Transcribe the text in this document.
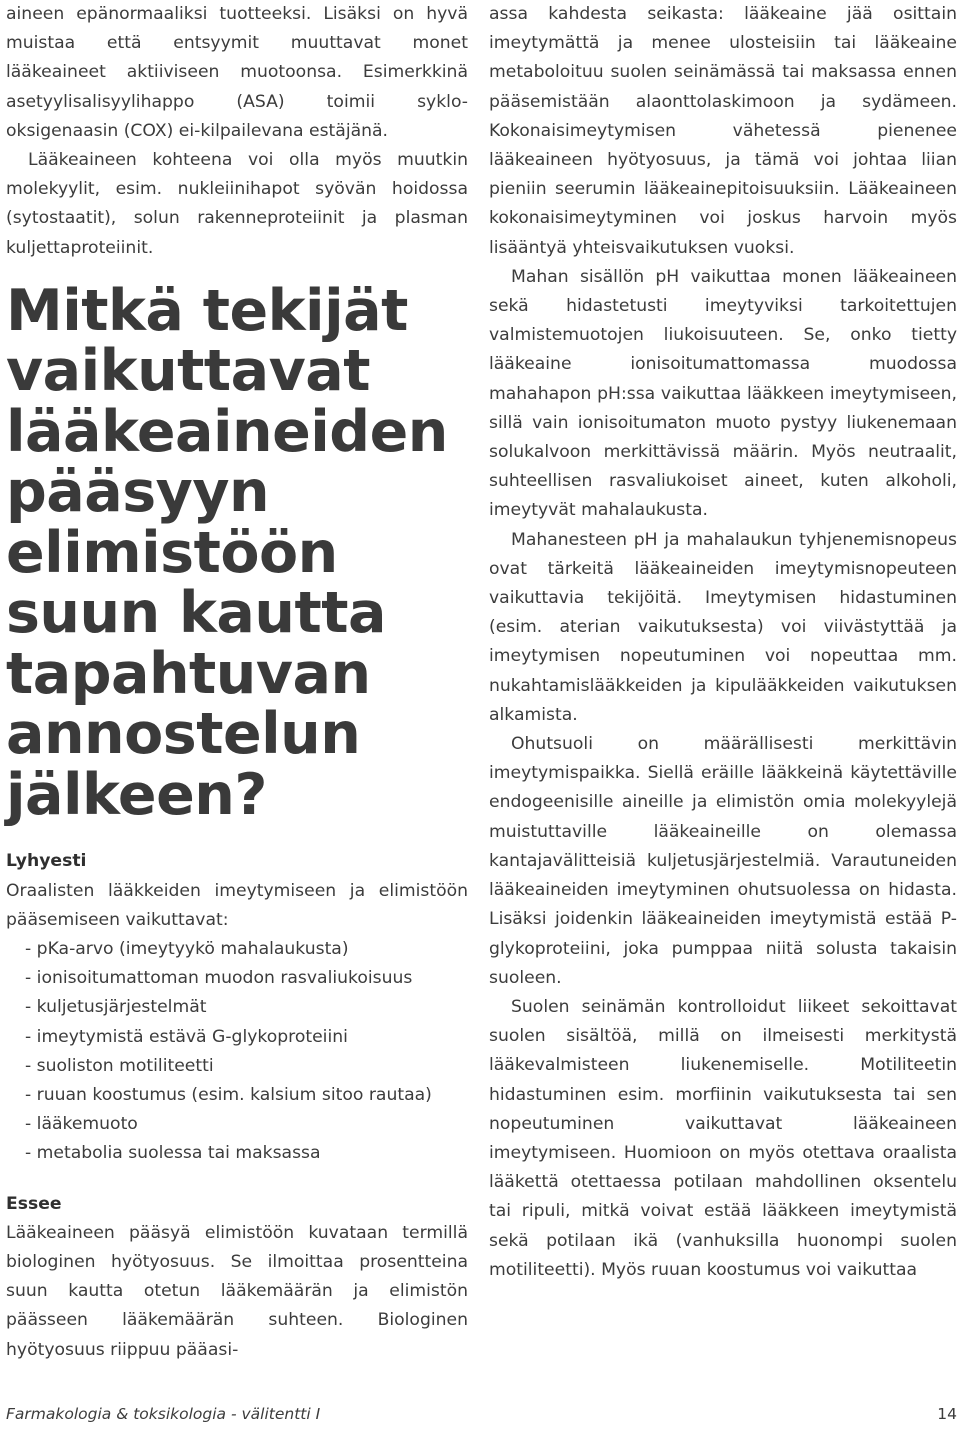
aineen epänormaaliksi tuotteeksi. Lisäksi on hyvä muistaa että entsyymit muuttavat monet lääkeaineet aktiiviseen muotoonsa. Esimerkkinä asetyylisalisyylihappo (ASA) toimii syklo-oksigenaasin (COX) ei-kilpailevana estäjänä.

Lääkeaineen kohteena voi olla myös muutkin molekyylit, esim. nukleiinihapot syövän hoidossa (sytostaatit), solun rakenneproteiinit ja plasman kuljettaproteiinit.

Mitkä tekijät vaikuttavat lääkeaineiden pääsyyn elimistöön suun kautta tapahtuvan annostelun jälkeen?
Lyhyesti

Oraalisten lääkkeiden imeytymiseen ja elimistöön pääsemiseen vaikuttavat:

- pKa-arvo (imeytyykö mahalaukusta)
- ionisoitumattoman muodon rasvaliukoisuus
- kuljetusjärjestelmät
- imeytymistä estävä G-glykoproteiini
- suoliston motiliteetti
- ruuan koostumus (esim. kalsium sitoo rautaa)
- lääkemuoto
- metabolia suolessa tai maksassa
Essee

Lääkeaineen pääsyä elimistöön kuvataan termillä biologinen hyötyosuus. Se ilmoittaa prosentteina suun kautta otetun lääkemäärän ja elimistön päässeen lääkemäärän suhteen. Biologinen hyötyosuus riippuu pääasi-

assa kahdesta seikasta: lääkeaine jää osittain imeytymättä ja menee ulosteisiin tai lääkeaine metaboloituu suolen seinämässä tai maksassa ennen pääsemistään alaonttolaskimoon ja sydämeen. Kokonaisimeytymisen vähetessä pienenee lääkeaineen hyötyosuus, ja tämä voi johtaa liian pieniin seerumin lääkeainepitoisuuksiin. Lääkeaineen kokonaisimeytyminen voi joskus harvoin myös lisääntyä yhteisvaikutuksen vuoksi.

Mahan sisällön pH vaikuttaa monen lääkeaineen sekä hidastetusti imeytyviksi tarkoitettujen valmistemuotojen liukoisuuteen. Se, onko tietty lääkeaine ionisoitumattomassa muodossa mahahapon pH:ssa vaikuttaa lääkkeen imeytymiseen, sillä vain ionisoitumaton muoto pystyy liukenemaan solukalvoon merkittävissä määrin. Myös neutraalit, suhteellisen rasvaliukoiset aineet, kuten alkoholi, imeytyvät mahalaukusta.

Mahanesteen pH ja mahalaukun tyhjenemisnopeus ovat tärkeitä lääkeaineiden imeytymisnopeuteen vaikuttavia tekijöitä. Imeytymisen hidastuminen (esim. aterian vaikutuksesta) voi viivästyttää ja imeytymisen nopeutuminen voi nopeuttaa mm. nukahtamislääkkeiden ja kipulääkkeiden vaikutuksen alkamista.

Ohutsuoli on määrällisesti merkittävin imeytymispaikka. Siellä eräille lääkkeinä käytettäville endogeenisille aineille ja elimistön omia molekyylejä muistuttaville lääkeaineille on olemassa kantajavälitteisiä kuljetusjärjestelmiä. Varautuneiden lääkeaineiden imeytyminen ohutsuolessa on hidasta. Lisäksi joidenkin lääkeaineiden imeytymistä estää P-glykoproteiini, joka pumppaa niitä solusta takaisin suoleen.

Suolen seinämän kontrolloidut liikeet sekoittavat suolen sisältöä, millä on ilmeisesti merkitystä lääkevalmisteen liukenemiselle. Motiliteetin hidastuminen esim. morfiinin vaikutuksesta tai sen nopeutuminen vaikuttavat lääkeaineen imeytymiseen. Huomioon on myös otettava oraalista lääkettä otettaessa potilaan mahdollinen oksentelu tai ripuli, mitkä voivat estää lääkkeen imeytymistä sekä potilaan ikä (vanhuksilla huonompi suolen motiliteetti). Myös ruuan koostumus voi vaikuttaa

Farmakologia & toksikologia - välitentti I	14
